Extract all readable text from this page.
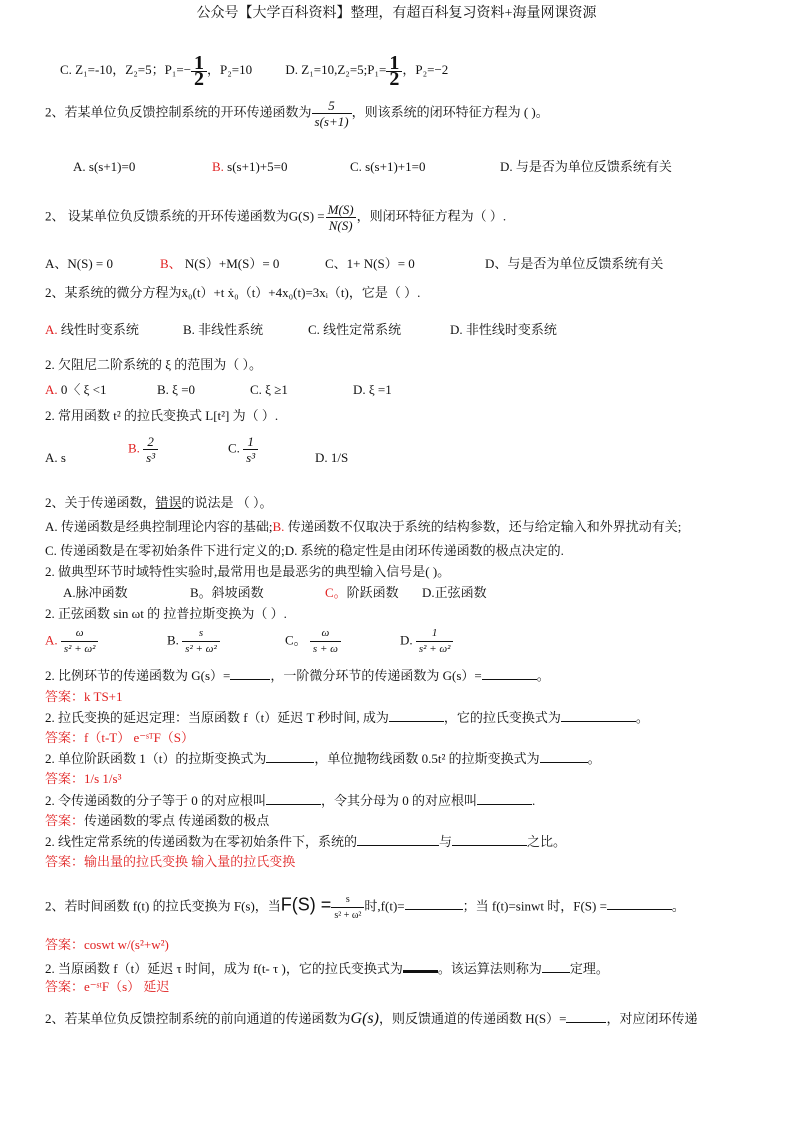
公众号【大学百科资料】整理，有超百科复习资料+海量网课资源
C. Z₁=-10，Z₂=5；$P_1=- \frac{1}{2}$ ，P₂=10	D. Z₁=10,Z₂=5;P₁= $\frac{1}{2}$ ，P₂=−2
2、若某单位负反馈控制系统的开环传递函数为 $\frac{5}{s(s+1)}$ ，则该系统的闭环特征方程为 ( )。
A. s(s+1)=0	B. s(s+1)+5=0	C. s(s+1)+1=0	D. 与是否为单位反馈系统有关
2、 设某单位负反馈系统的开环传递函数为$G(S) = \frac{M(S)}{N(S)}$ ，则闭环特征方程为（ ）.
A、N(S) = 0	B、 N(S）+M(S）= 0	C、1+ N(S）= 0	D、与是否为单位反馈系统有关
2、某系统的微分方程为ẍ₀(t）+t ẋ₀（t）+4x₀(t)=3xᵢ（t)，它是（ ）.
A. 线性时变系统	B. 非线性系统	C. 线性定常系统	D. 非性线时变系统
2. 欠阻尼二阶系统的 ξ 的范围为（ ）。
A. 0〈 ξ <1	B. ξ =0	C. ξ ≥1	D. ξ =1
2. 常用函数 t² 的拉氏变换式 L[t²] 为（ ）.
A. s
B. $\frac{2}{\text{s³}}$	C. $\frac{1}{\text{s³}}$	D. 1/S
2、关于传递函数，错误的说法是 （ ）。
A. 传递函数是经典控制理论内容的基础;B. 传递函数不仅取决于系统的结构参数，还与给定输入和外界扰动有关;
C. 传递函数是在零初始条件下进行定义的;D. 系统的稳定性是由闭环传递函数的极点决定的.
2. 做典型环节时域特性实验时,最常用也是最恶劣的典型输入信号是( )。
A.脉冲函数	B。斜坡函数	C。阶跃函数 D.正弦函数
2. 正弦函数 sin ωt 的 拉普拉斯变换为（ ）.
A. $\frac{\omega}{\text{s² + ω²}}$	B. $\frac{s}{\text{s² + ω²}}$	C。 $\frac{\omega}{s + \omega}$	D. $\frac{1}{\text{s² + ω²}}$
2. 比例环节的传递函数为 G(s）=	，一阶微分环节的传递函数为 G(s）=	。
答案：k TS+1
2. 拉氏变换的延迟定理：当原函数 f（t）延迟 T 秒时间, 成为	，它的拉氏变换式为	。
答案：f（t-T） e⁻ˢᵀF（S）
2. 单位阶跃函数 1（t）的拉斯变换式为	，单位抛物线函数 0.5t² 的拉斯变换式为	。
答案：1/s 1/s³
2. 令传递函数的分子等于 0 的对应根叫	，令其分母为 0 的对应根叫	.
答案：传递函数的零点 传递函数的极点
2. 线性定常系统的传递函数为在零初始条件下，系统的	与	之比。
答案：输出量的拉氏变换 输入量的拉氏变换
2、若时间函数 f(t) 的拉氏变换为 F(s)，当$F(S) = \frac{s}{\text{s² + ω²}}$ 时,f(t)=	；当 f(t)=sinwt 时，F(S) =	。
答案：coswt w/(s²+w²)
2. 当原函数 f（t）延迟 τ 时间，成为 f(t- τ )，它的拉氏变换式为	。该运算法则称为 定理。
答案：e⁻ˢᵗF（s） 延迟
2、若某单位负反馈控制系统的前向通道的传递函数为G(s)，则反馈通道的传递函数 H(S）=	，对应闭环传递
